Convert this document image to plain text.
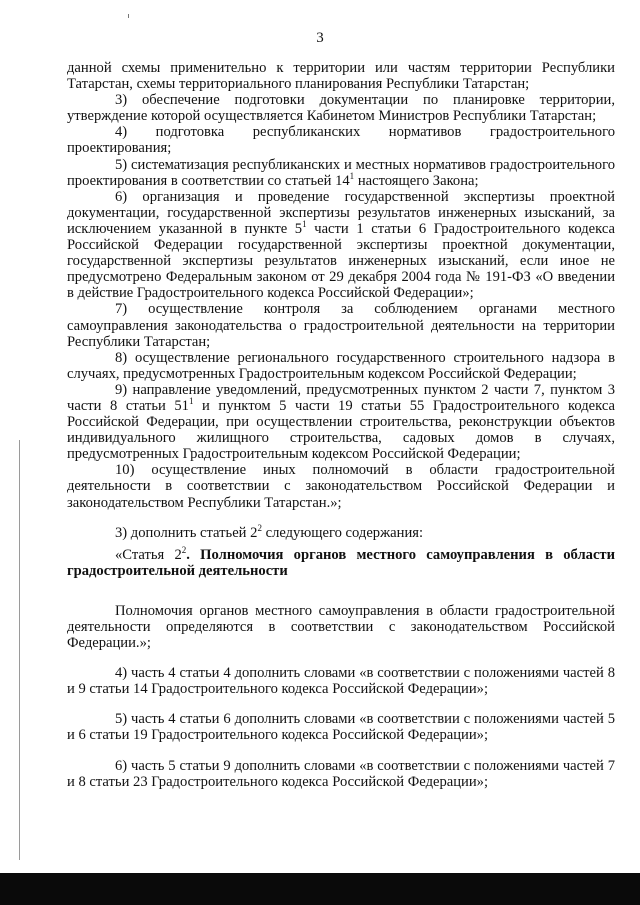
3

данной схемы применительно к территории или частям территории Республики Татарстан, схемы территориального планирования Республики Татарстан;

3) обеспечение подготовки документации по планировке территории, утверждение которой осуществляется Кабинетом Министров Республики Татарстан;

4) подготовка республиканских нормативов градостроительного проектирования;

5) систематизация республиканских и местных нормативов градостроительного проектирования в соответствии со статьей $14^1$ настоящего Закона;

6) организация и проведение государственной экспертизы проектной документации, государственной экспертизы результатов инженерных изысканий, за исключением указанной в пункте $5^1$ части 1 статьи 6 Градостроительного кодекса Российской Федерации государственной экспертизы проектной документации, государственной экспертизы результатов инженерных изысканий, если иное не предусмотрено Федеральным законом от 29 декабря 2004 года № 191-ФЗ «О введении в действие Градостроительного кодекса Российской Федерации»;

7) осуществление контроля за соблюдением органами местного самоуправления законодательства о градостроительной деятельности на территории Республики Татарстан;

8) осуществление регионального государственного строительного надзора в случаях, предусмотренных Градостроительным кодексом Российской Федерации;

9) направление уведомлений, предусмотренных пунктом 2 части 7, пунктом 3 части 8 статьи $51^1$ и пунктом 5 части 19 статьи 55 Градостроительного кодекса Российской Федерации, при осуществлении строительства, реконструкции объектов индивидуального жилищного строительства, садовых домов в случаях, предусмотренных Градостроительным кодексом Российской Федерации;

10) осуществление иных полномочий в области градостроительной деятельности в соответствии с законодательством Российской Федерации и законодательством Республики Татарстан.»;

3) дополнить статьей $2^2$ следующего содержания:

«Статья $2^2$. Полномочия органов местного самоуправления в области градостроительной деятельности

Полномочия органов местного самоуправления в области градостроительной деятельности определяются в соответствии с законодательством Российской Федерации.»;

4) часть 4 статьи 4 дополнить словами «в соответствии с положениями частей 8 и 9 статьи 14 Градостроительного кодекса Российской Федерации»;

5) часть 4 статьи 6 дополнить словами «в соответствии с положениями частей 5 и 6 статьи 19 Градостроительного кодекса Российской Федерации»;

6) часть 5 статьи 9 дополнить словами «в соответствии с положениями частей 7 и 8 статьи 23 Градостроительного кодекса Российской Федерации»;
